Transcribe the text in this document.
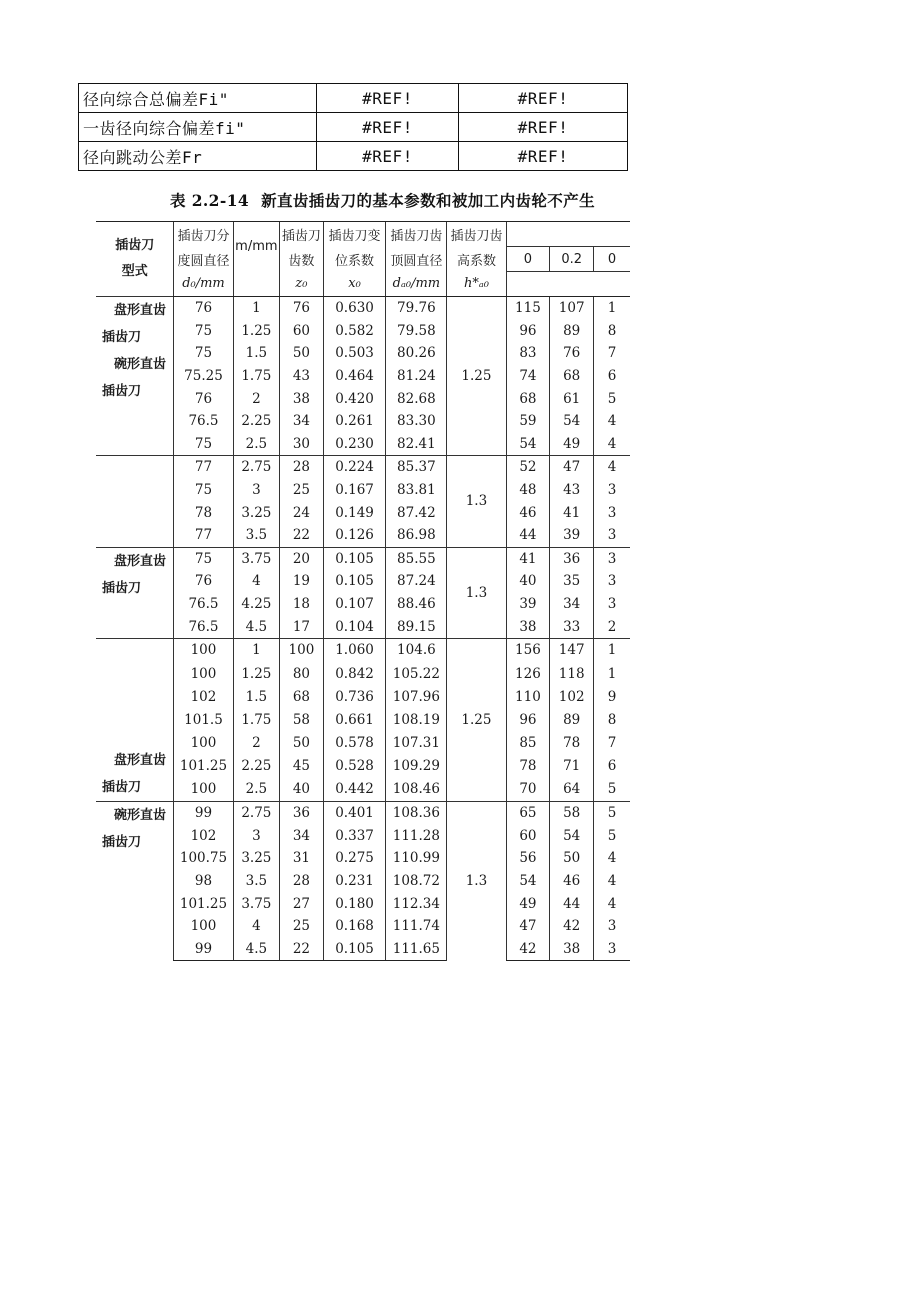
径向综合总偏差Fi"	#REF!	#REF!
一齿径向综合偏差fi"	#REF!	#REF!
径向跳动公差Fr	#REF!	#REF!
表 2.2-14 新直齿插齿刀的基本参数和被加工内齿轮不产生
插齿刀
型式	插齿刀分	m/mm	插齿刀	插齿刀变	插齿刀齿	插齿刀齿			
	度圆直径		齿数	位系数	顶圆直径	高系数	0	0.2	0
	d₀/mm		z₀	x₀	dₐ₀/mm	h*ₐ₀			
盘形直齿
插齿刀
碗形直齿
插齿刀	76	1	76	0.630	79.76	1.25	115	107	1
	75	1.25	60	0.582	79.58		96	89	8
	75	1.5	50	0.503	80.26		83	76	7
	75.25	1.75	43	0.464	81.24		74	68	6
	76	2	38	0.420	82.68		68	61	5
	76.5	2.25	34	0.261	83.30		59	54	4
	75	2.5	30	0.230	82.41		54	49	4
	77	2.75	28	0.224	85.37	1.3	52	47	4
	75	3	25	0.167	83.81		48	43	3
	78	3.25	24	0.149	87.42		46	41	3
	77	3.5	22	0.126	86.98		44	39	3
盘形直齿
插齿刀	75	3.75	20	0.105	85.55	1.3	41	36	3
	76	4	19	0.105	87.24		40	35	3
	76.5	4.25	18	0.107	88.46		39	34	3
	76.5	4.5	17	0.104	89.15		38	33	2

盘形直齿
插齿刀	100	1	100	1.060	104.6	1.25	156	147	1
	100	1.25	80	0.842	105.22		126	118	1
	102	1.5	68	0.736	107.96		110	102	9
	101.5	1.75	58	0.661	108.19		96	89	8
	100	2	50	0.578	107.31		85	78	7
	101.25	2.25	45	0.528	109.29		78	71	6
	100	2.5	40	0.442	108.46		70	64	5
碗形直齿
插齿刀	99	2.75	36	0.401	108.36	1.3	65	58	5
	102	3	34	0.337	111.28		60	54	5
	100.75	3.25	31	0.275	110.99		56	50	4
	98	3.5	28	0.231	108.72		54	46	4
	101.25	3.75	27	0.180	112.34		49	44	4
	100	4	25	0.168	111.74		47	42	3
	99	4.5	22	0.105	111.65		42	38	3
